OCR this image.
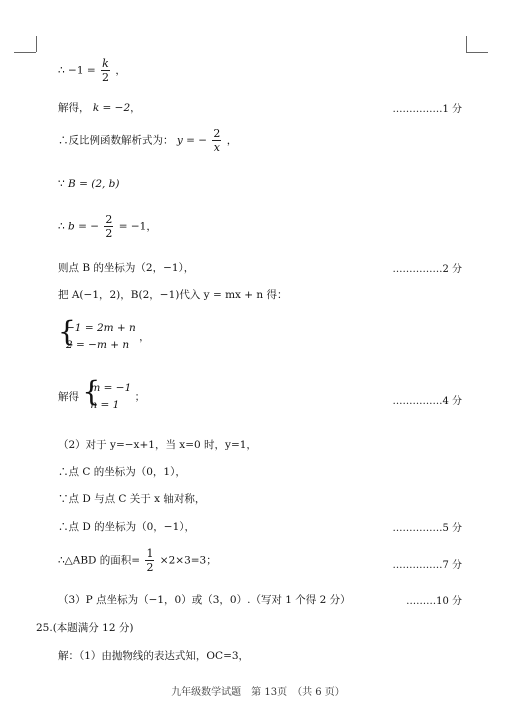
∴ $-1 = \frac{k}{2}$ ，
解得， k = −2，	……………1 分
∴反比例函数解析式为： y = − $\frac{2}{x}$ ，
∵ B = (2, b)
∴ b = − $\frac{2}{2} = -1$，
则点 B 的坐标为（2，−1），	……………2 分
把 A(−1，2)，B(2，−1)代入 y = mx + n 得：
{
−1 = 2m + n
2 = −m + n
，
解得 {
m = −1
n = 1
；	……………4 分
（2）对于 y=−x+1，当 x=0 时，y=1，
∴点 C 的坐标为（0，1），
∵点 D 与点 C 关于 x 轴对称，
∴点 D 的坐标为（0，−1），	……………5 分
∴△ABD 的面积= $\frac{1}{2} \times 2\times 3=3$；	……………7 分
（3）P 点坐标为（−1，0）或（3，0）.（写对 1 个得 2 分）	………10 分
25.(本题满分 12 分)
解：（1）由抛物线的表达式知，OC=3，
九年级数学试题　第 13页　（共 6 页）
